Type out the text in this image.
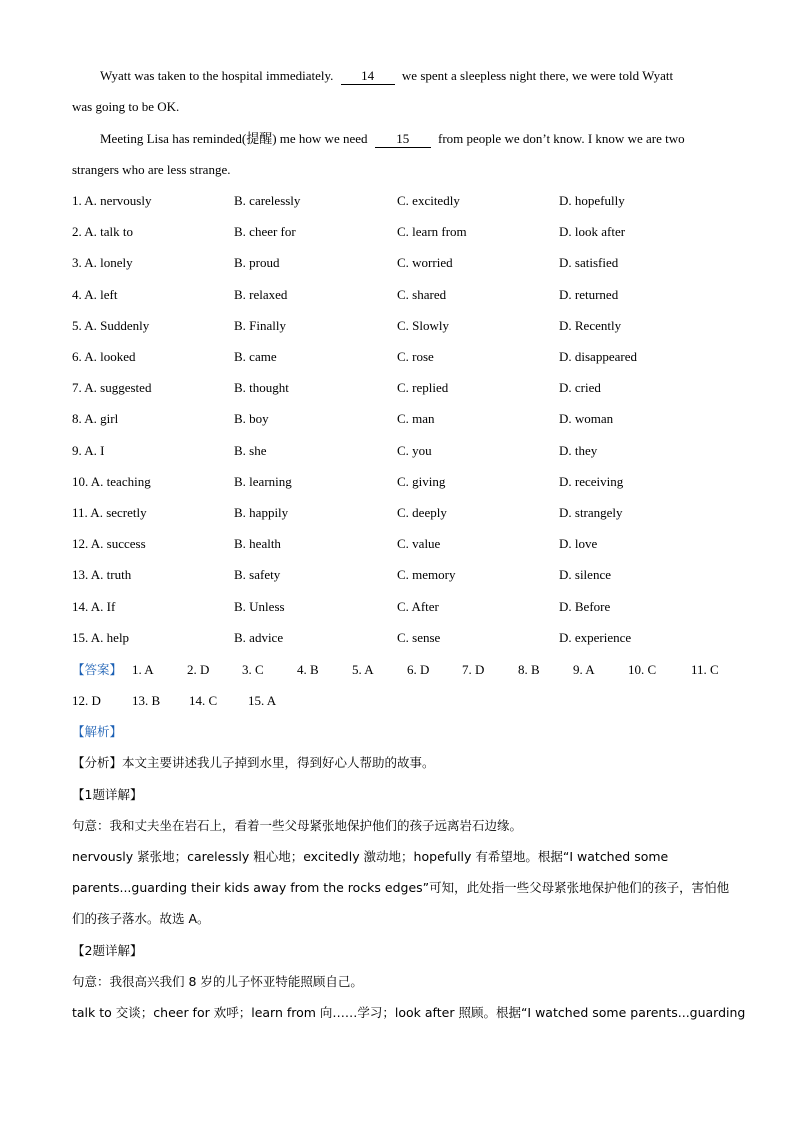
Wyatt was taken to the hospital immediately. 14 we spent a sleepless night there, we were told Wyatt
was going to be OK.
Meeting Lisa has reminded(提醒) me how we need 15 from people we don’t know. I know we are two
strangers who are less strange.
1. A. nervously	B. carelessly	C. excitedly	D. hopefully
2. A. talk to	B. cheer for	C. learn from	D. look after
3. A. lonely	B. proud	C. worried	D. satisfied
4. A. left	B. relaxed	C. shared	D. returned
5. A. Suddenly	B. Finally	C. Slowly	D. Recently
6. A. looked	B. came	C. rose	D. disappeared
7. A. suggested	B. thought	C. replied	D. cried
8. A. girl	B. boy	C. man	D. woman
9. A. I	B. she	C. you	D. they
10. A. teaching	B. learning	C. giving	D. receiving
11. A. secretly	B. happily	C. deeply	D. strangely
12. A. success	B. health	C. value	D. love
13. A. truth	B. safety	C. memory	D. silence
14. A. If	B. Unless	C. After	D. Before
15. A. help	B. advice	C. sense	D. experience
【答案】 1. A	2. D	3. C	4. B	5. A	6. D	7. D	8. B	9. A	10. C	11. C
12. D 13. B 14. C 15. A
【解析】
【分析】本文主要讲述我儿子掉到水里，得到好心人帮助的故事。
【1题详解】
句意：我和丈夫坐在岩石上，看着一些父母紧张地保护他们的孩子远离岩石边缘。
nervously 紧张地；carelessly 粗心地；excitedly 激动地；hopefully 有希望地。根据“I watched some
parents...guarding their kids away from the rocks edges”可知，此处指一些父母紧张地保护他们的孩子，害怕他
们的孩子落水。故选 A。
【2题详解】
句意：我很高兴我们 8 岁的儿子怀亚特能照顾自己。
talk to 交谈；cheer for 欢呼；learn from 向……学习；look after 照顾。根据“I watched some parents...guarding
